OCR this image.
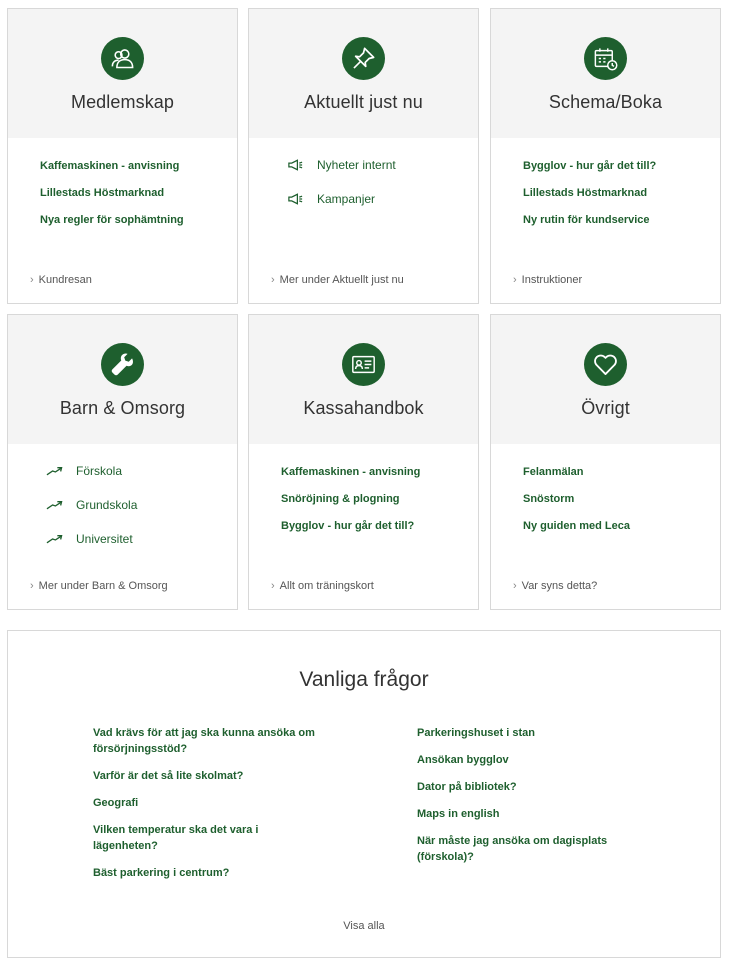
Medlemskap
Kaffemaskinen - anvisning
Lillestads Höstmarknad
Nya regler för sophämtning
› Kundresan
Aktuellt just nu
Nyheter internt
Kampanjer
› Mer under Aktuellt just nu
Schema/Boka
Bygglov - hur går det till?
Lillestads Höstmarknad
Ny rutin för kundservice
› Instruktioner
Barn & Omsorg
Förskola
Grundskola
Universitet
› Mer under Barn & Omsorg
Kassahandbok
Kaffemaskinen - anvisning
Snöröjning & plogning
Bygglov - hur går det till?
› Allt om träningskort
Övrigt
Felanmälan
Snöstorm
Ny guiden med Leca
› Var syns detta?
Vanliga frågor
Vad krävs för att jag ska kunna ansöka om försörjningsstöd?
Varför är det så lite skolmat?
Geografi
Vilken temperatur ska det vara i lägenheten?
Bäst parkering i centrum?
Parkeringshuset i stan
Ansökan bygglov
Dator på bibliotek?
Maps in english
När måste jag ansöka om dagisplats (förskola)?
Visa alla
